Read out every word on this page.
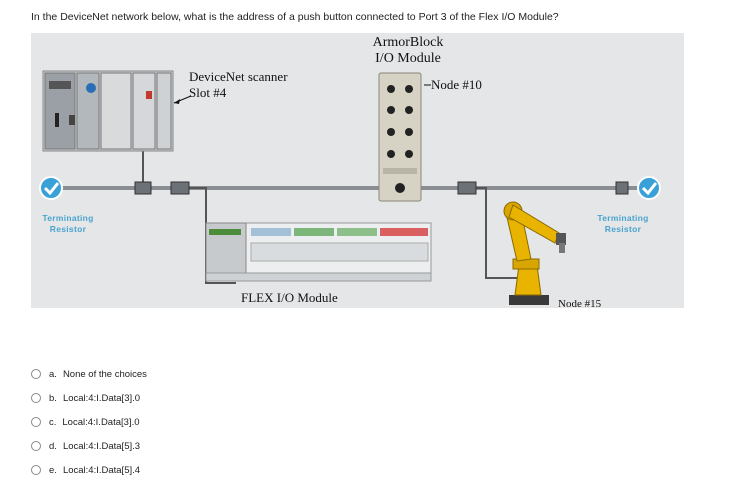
In the DeviceNet network below, what is the address of a push button connected to Port 3 of the Flex I/O Module?
ArmorBlock
I/O Module
DeviceNet scanner
Slot #4
Node #10
Terminating
Resistor
Terminating
Resistor
FLEX I/O Module	Node #15
a. None of the choices
b. Local:4:I.Data[3].0
c. Local:4:I.Data[3].0
d. Local:4:I.Data[5].3
e. Local:4:I.Data[5].4
